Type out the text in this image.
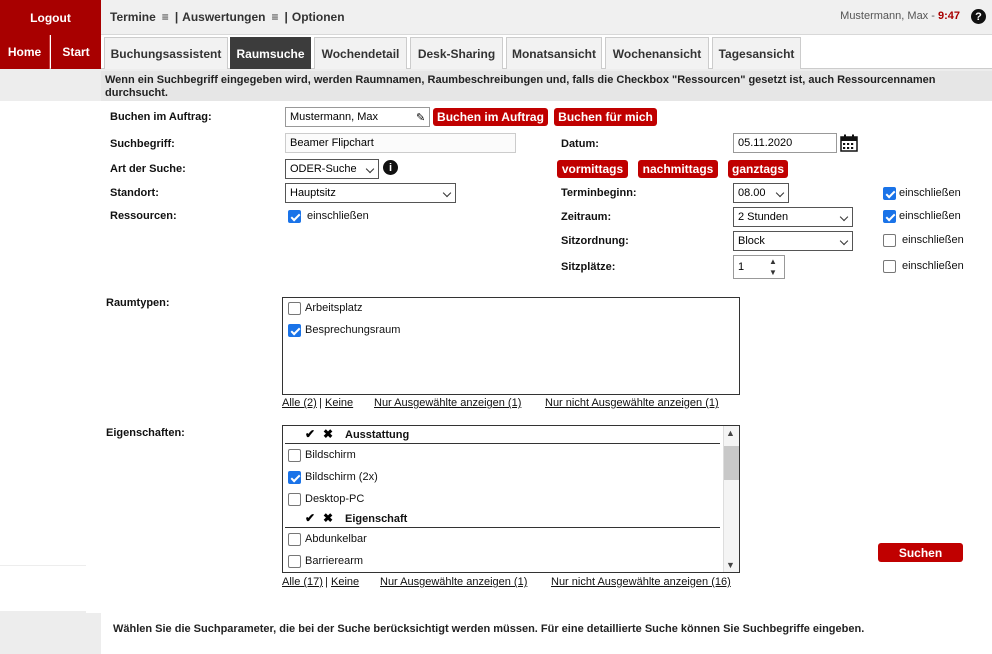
Logout	Termine ≡ | Auswertungen ≡ | Optionen	Mustermann, Max - 9:47	?
Home	Start	Buchungsassistent	Raumsuche	Wochendetail	Desk-Sharing	Monatsansicht	Wochenansicht	Tagesansicht
Wenn ein Suchbegriff eingegeben wird, werden Raumnamen, Raumbeschreibungen und, falls die Checkbox "Ressourcen" gesetzt ist, auch Ressourcennamen durchsucht.
Buchen im Auftrag:	Mustermann, Max	✎ Buchen im Auftrag	Buchen für mich
Suchbegriff:	Beamer Flipchart
Art der Suche:	ODER-Suche	i
Standort:	Hauptsitz
Ressourcen:	einschließen
Datum:	05.11.2020
vormittags	nachmittags	ganztags
Terminbeginn:	08.00	einschließen
Zeitraum:	2 Stunden	einschließen
Sitzordnung:	Block	einschließen
Sitzplätze:	1	▲
▼
einschließen
Raumtypen:	Arbeitsplatz
Besprechungsraum
Alle (2) | Keine Nur Ausgewählte anzeigen (1) Nur nicht Ausgewählte anzeigen (1)
Eigenschaften:	✔ ✖ Ausstattung
Bildschirm
Bildschirm (2x)
Desktop-PC
✔ ✖ Eigenschaft
Abdunkelbar
Barrierearm
▲
▼
Alle (17) | Keine Nur Ausgewählte anzeigen (1) Nur nicht Ausgewählte anzeigen (16)
Suchen
Wählen Sie die Suchparameter, die bei der Suche berücksichtigt werden müssen. Für eine detaillierte Suche können Sie Suchbegriffe eingeben.
